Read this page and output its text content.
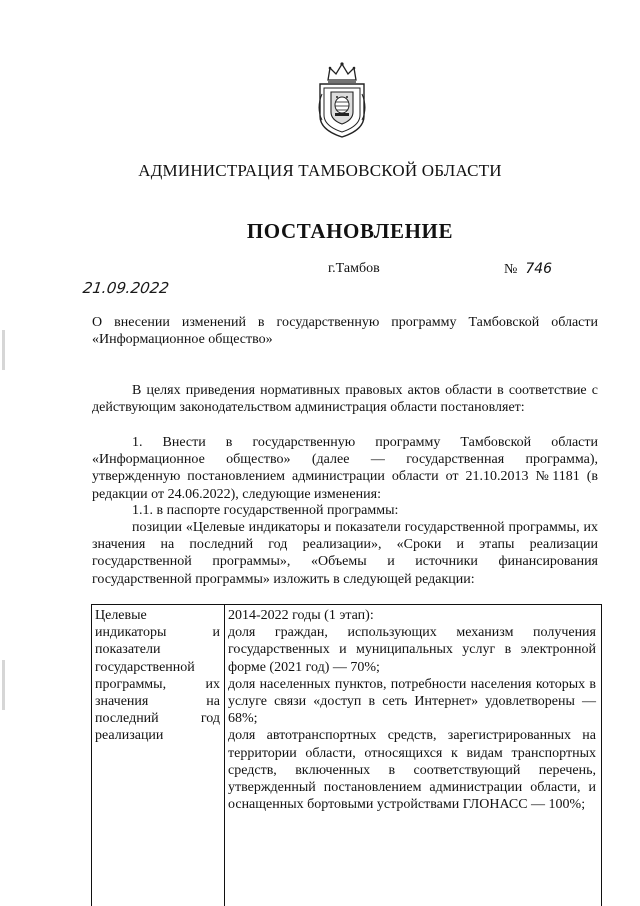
АДМИНИСТРАЦИЯ ТАМБОВСКОЙ ОБЛАСТИ
ПОСТАНОВЛЕНИЕ
21.09.2022
г.Тамбов	№ 746
О внесении изменений в государственную программу Тамбовской области «Информационное общество»
В целях приведения нормативных правовых актов области в соответствие с действующим законодательством администрация области постановляет:
1. Внести в государственную программу Тамбовской области «Информационное общество» (далее — государственная программа), утвержденную постановлением администрации области от 21.10.2013 №1181 (в редакции от 24.06.2022), следующие изменения:
1.1. в паспорте государственной программы:
позиции «Целевые индикаторы и показатели государственной программы, их значения на последний год реализации», «Сроки и этапы реализации государственной программы», «Объемы и источники финансирования государственной программы» изложить в следующей редакции:
Целевые индикаторы и показатели государственной программы, их значения на последний год реализации
2014-2022 годы (1 этап):
доля граждан, использующих механизм получения государственных и муниципальных услуг в электронной форме (2021 год) — 70%;
доля населенных пунктов, потребности населения которых в услуге связи «доступ в сеть Интернет» удовлетворены — 68%;
доля автотранспортных средств, зарегистрированных на территории области, относящихся к видам транспортных средств, включенных в соответствующий перечень, утвержденный постановлением администрации области, и оснащенных бортовыми устройствами ГЛОНАСС — 100%;
